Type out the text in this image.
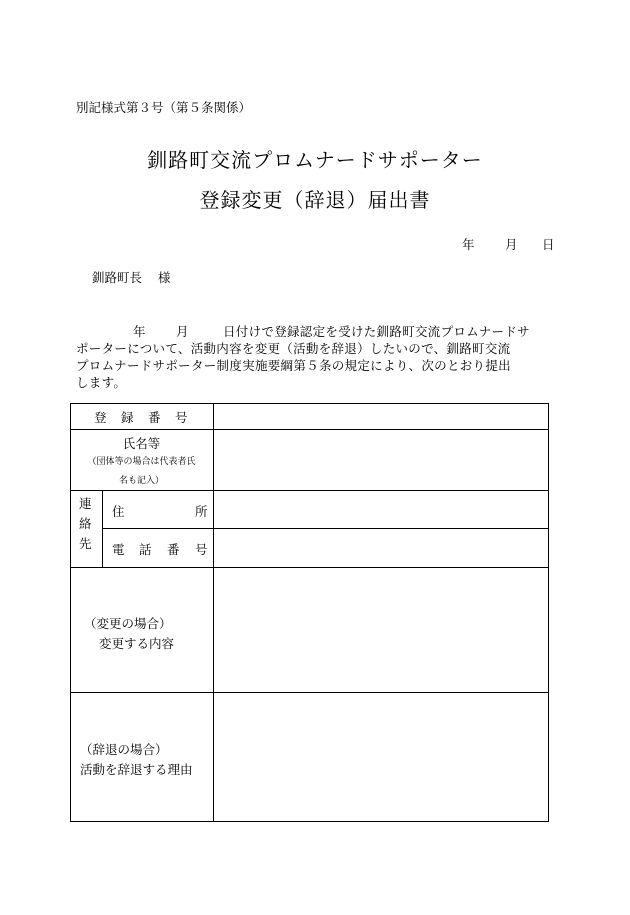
別記様式第３号（第５条関係）
釧路町交流プロムナードサポーター
登録変更（辞退）届出書
年 月 日
釧路町長 様
年 月	日付けで登録認定を受けた釧路町交流プロムナードサ
ポーターについて、活動内容を変更（活動を辞退）したいので、釧路町交流
プロムナードサポーター制度実施要綱第５条の規定により、次のとおり提出
します。
登 録 番 号
氏名等
（団体等の場合は代表者氏
名も記入）
連
絡
先
住	所
電 話 番 号
（変更の場合）
変更する内容
（辞退の場合）
活動を辞退する理由
